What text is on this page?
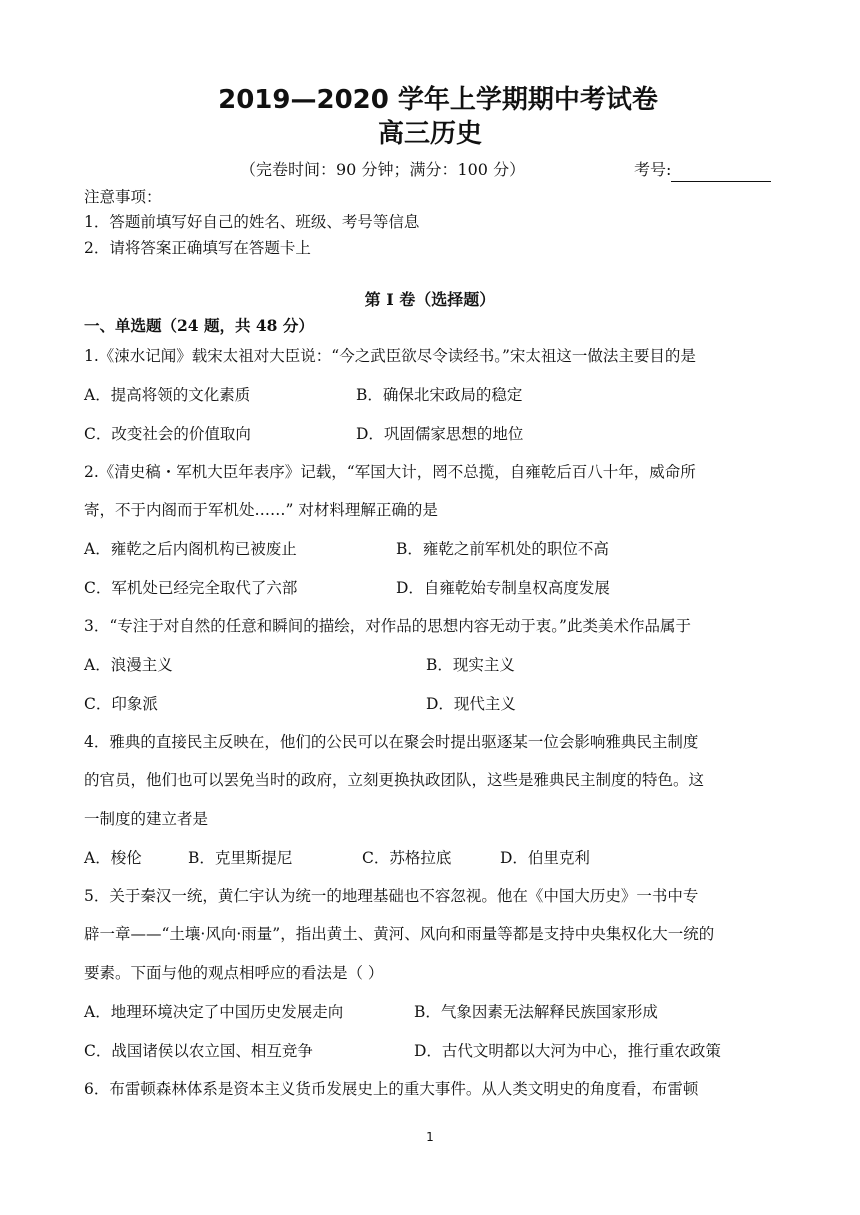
2019—2020 学年上学期期中考试卷
高三历史
（完卷时间：90 分钟；满分：100 分）	考号:
注意事项：
1．答题前填写好自己的姓名、班级、考号等信息
2．请将答案正确填写在答题卡上
第 I 卷（选择题）
一、单选题（24 题，共 48 分）
1.《涑水记闻》载宋太祖对大臣说：“今之武臣欲尽令读经书。”宋太祖这一做法主要目的是
A．提高将领的文化素质	B．确保北宋政局的稳定
C．改变社会的价值取向	D．巩固儒家思想的地位
2.《清史稿・军机大臣年表序》记载，“军国大计，罔不总揽，自雍乾后百八十年，威命所
寄，不于内阁而于军机处……” 对材料理解正确的是
A．雍乾之后内阁机构已被废止	B．雍乾之前军机处的职位不高
C．军机处已经完全取代了六部	D．自雍乾始专制皇权高度发展
3．“专注于对自然的任意和瞬间的描绘，对作品的思想内容无动于衷。”此类美术作品属于
A．浪漫主义	B．现实主义
C．印象派	D．现代主义
4．雅典的直接民主反映在，他们的公民可以在聚会时提出驱逐某一位会影响雅典民主制度
的官员，他们也可以罢免当时的政府，立刻更换执政团队，这些是雅典民主制度的特色。这
一制度的建立者是
A．梭伦	B．克里斯提尼	C．苏格拉底	D．伯里克利
5．关于秦汉一统，黄仁宇认为统一的地理基础也不容忽视。他在《中国大历史》一书中专
辟一章——“土壤·风向·雨量”，指出黄土、黄河、风向和雨量等都是支持中央集权化大一统的
要素。下面与他的观点相呼应的看法是（ ）
A．地理环境决定了中国历史发展走向	B．气象因素无法解释民族国家形成
C．战国诸侯以农立国、相互竞争	D．古代文明都以大河为中心，推行重农政策
6．布雷顿森林体系是资本主义货币发展史上的重大事件。从人类文明史的角度看，布雷顿
1
